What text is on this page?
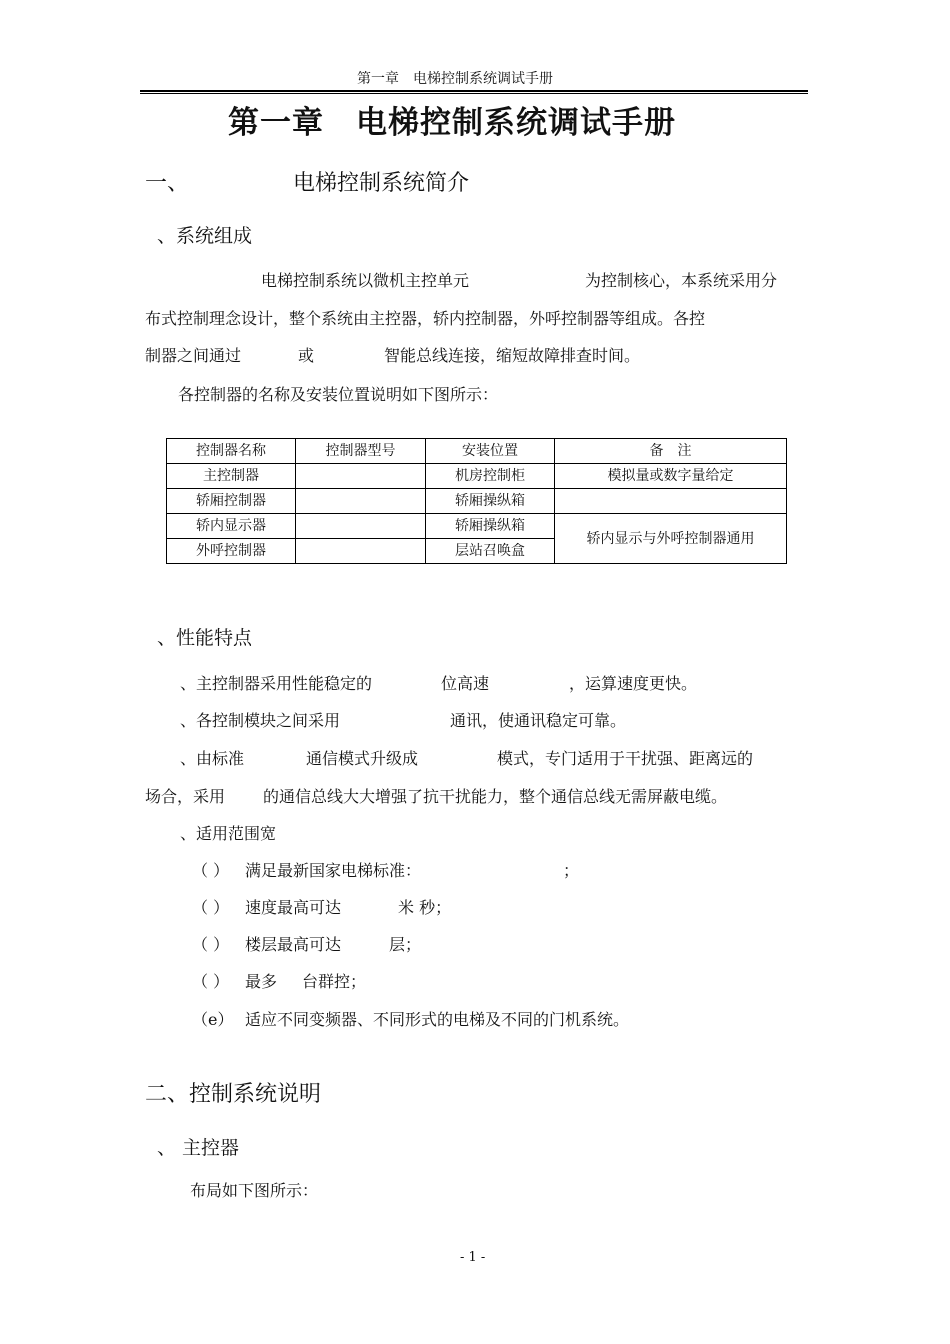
第一章　电梯控制系统调试手册
第一章　电梯控制系统调试手册
一、	电梯控制系统简介
、系统组成
电梯控制系统以微机主控单元	为控制核心，本系统采用分
布式控制理念设计，整个系统由主控器，轿内控制器，外呼控制器等组成。各控
制器之间通过	或	智能总线连接，缩短故障排查时间。
各控制器的名称及安装位置说明如下图所示：
控制器名称	控制器型号	安装位置	备　注
主控制器		机房控制柜	模拟量或数字量给定
轿厢控制器		轿厢操纵箱	
轿内显示器		轿厢操纵箱	轿内显示与外呼控制器通用
外呼控制器		层站召唤盒	
、性能特点
、主控制器采用性能稳定的	位高速	，运算速度更快。
、各控制模块之间采用	通讯，使通讯稳定可靠。
、由标准	通信模式升级成	模式，专门适用于干扰强、距离远的
场合，采用 的通信总线大大增强了抗干扰能力，整个通信总线无需屏蔽电缆。
、适用范围宽
（ ） 满足最新国家电梯标准：	；
（ ） 速度最高可达	米 秒；
（ ） 楼层最高可达	层；
（ ） 最多 台群控；
（e） 适应不同变频器、不同形式的电梯及不同的门机系统。
二、控制系统说明
、 主控器
布局如下图所示：
- 1 -
